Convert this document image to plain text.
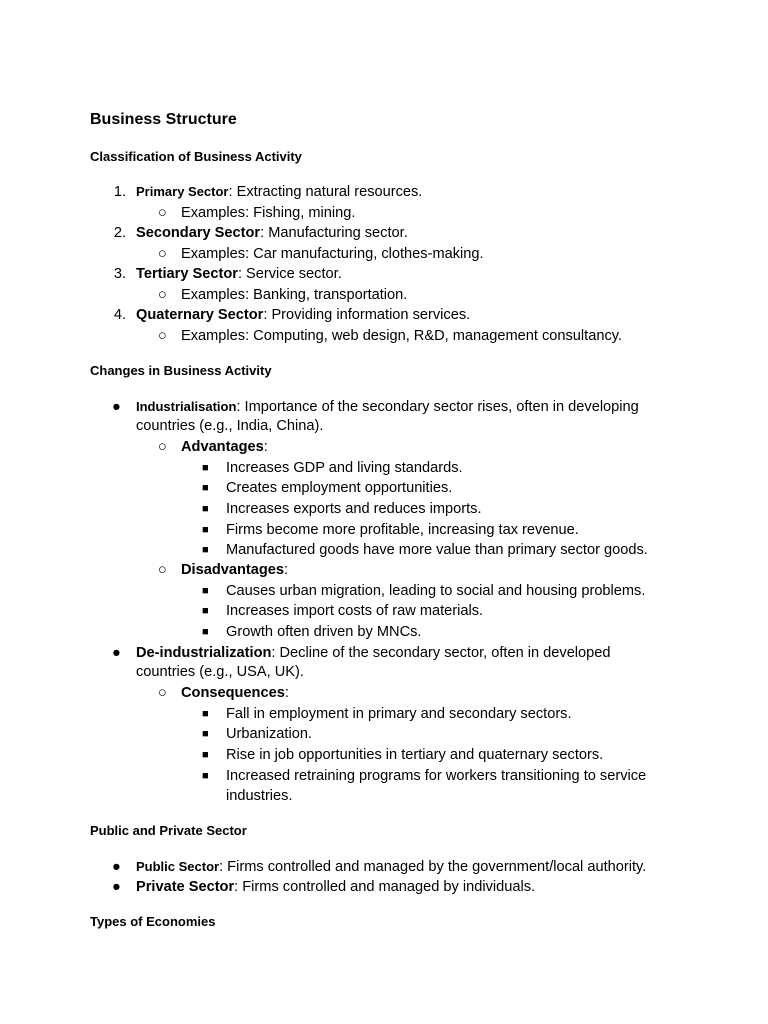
Business Structure
Classification of Business Activity
1. Primary Sector: Extracting natural resources.
○ Examples: Fishing, mining.
2. Secondary Sector: Manufacturing sector.
○ Examples: Car manufacturing, clothes-making.
3. Tertiary Sector: Service sector.
○ Examples: Banking, transportation.
4. Quaternary Sector: Providing information services.
○ Examples: Computing, web design, R&D, management consultancy.
Changes in Business Activity
● Industrialisation: Importance of the secondary sector rises, often in developing
countries (e.g., India, China).
○ Advantages:
■ Increases GDP and living standards.
■ Creates employment opportunities.
■ Increases exports and reduces imports.
■ Firms become more profitable, increasing tax revenue.
■ Manufactured goods have more value than primary sector goods.
○ Disadvantages:
■ Causes urban migration, leading to social and housing problems.
■ Increases import costs of raw materials.
■ Growth often driven by MNCs.
● De-industrialization: Decline of the secondary sector, often in developed
countries (e.g., USA, UK).
○ Consequences:
■ Fall in employment in primary and secondary sectors.
■ Urbanization.
■ Rise in job opportunities in tertiary and quaternary sectors.
■ Increased retraining programs for workers transitioning to service
industries.
Public and Private Sector
● Public Sector: Firms controlled and managed by the government/local authority.
● Private Sector: Firms controlled and managed by individuals.
Types of Economies
